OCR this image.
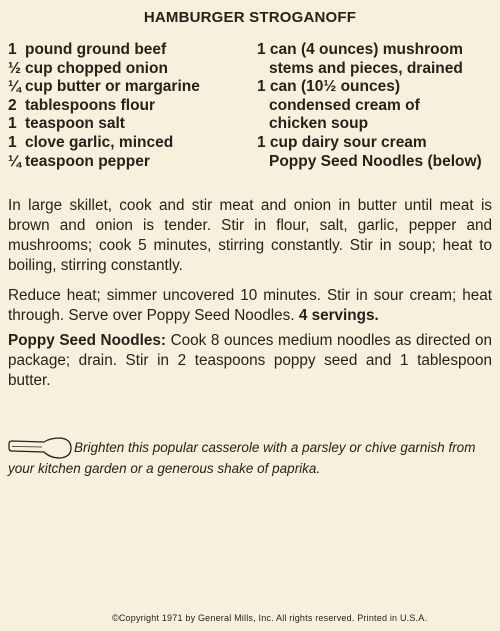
HAMBURGER STROGANOFF
1 pound ground beef
½ cup chopped onion
¼ cup butter or margarine
2 tablespoons flour
1 teaspoon salt
1 clove garlic, minced
¼ teaspoon pepper
1 can (4 ounces) mushroom
stems and pieces, drained
1 can (10½ ounces)
condensed cream of
chicken soup
1 cup dairy sour cream
Poppy Seed Noodles (below)
In large skillet, cook and stir meat and onion in butter until meat is brown and onion is tender. Stir in flour, salt, garlic, pepper and mushrooms; cook 5 minutes, stirring constantly. Stir in soup; heat to boiling, stirring constantly.
Reduce heat; simmer uncovered 10 minutes. Stir in sour cream; heat through. Serve over Poppy Seed Noodles. 4 servings.
Poppy Seed Noodles: Cook 8 ounces medium noodles as directed on package; drain. Stir in 2 teaspoons poppy seed and 1 tablespoon butter.
Brighten this popular casserole with a parsley or chive garnish from your kitchen garden or a generous shake of paprika.
©Copyright 1971 by General Mills, Inc. All rights reserved. Printed in U.S.A.
